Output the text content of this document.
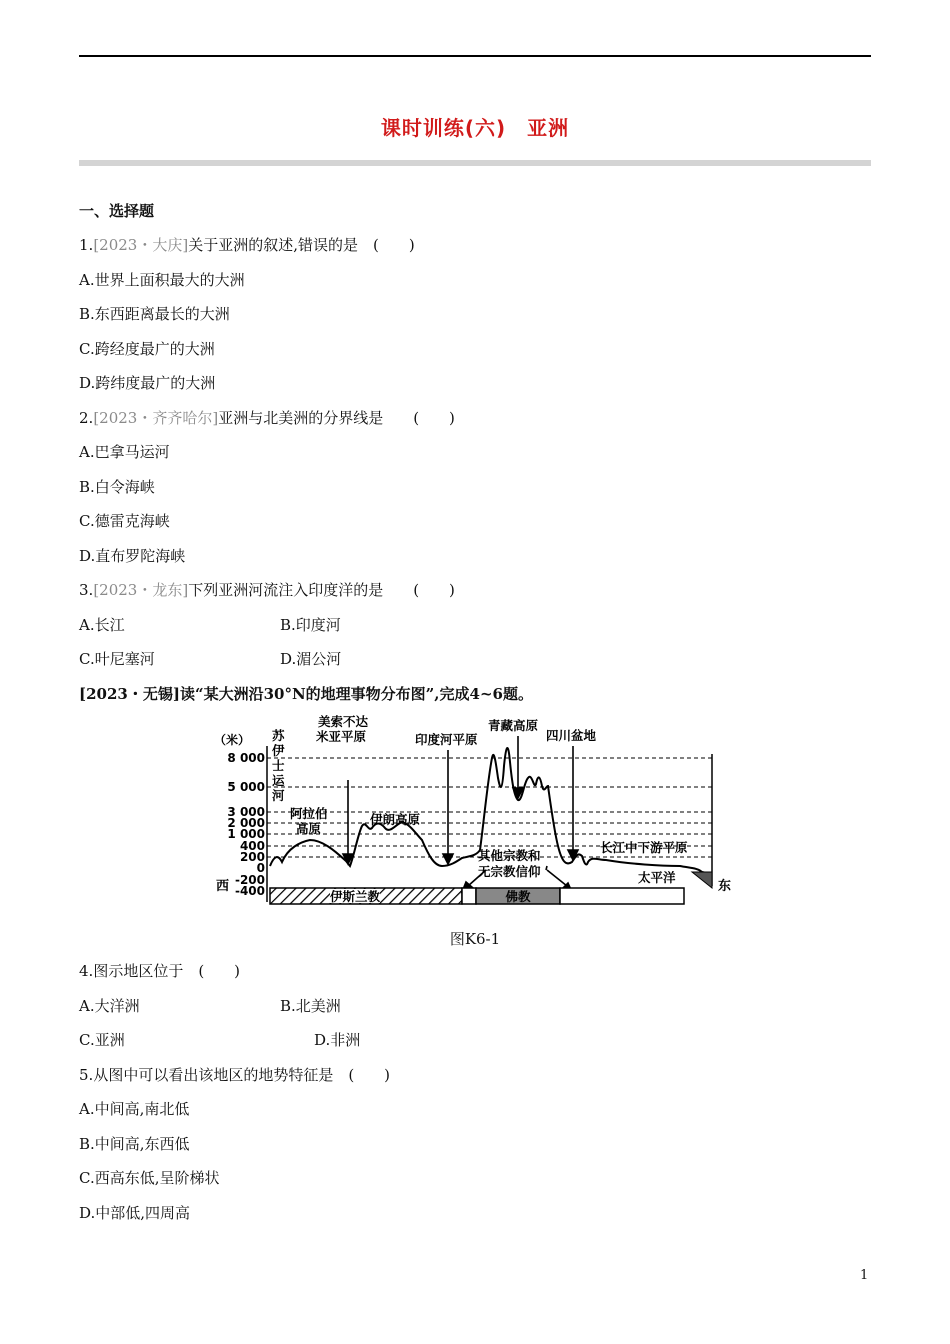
课时训练(六)　亚洲
一、选择题
1.[2023・大庆]关于亚洲的叙述,错误的是　(　　)
A.世界上面积最大的大洲
B.东西距离最长的大洲
C.跨经度最广的大洲
D.跨纬度最广的大洲
2.[2023・齐齐哈尔]亚洲与北美洲的分界线是　　(　　)
A.巴拿马运河
B.白令海峡
C.德雷克海峡
D.直布罗陀海峡
3.[2023・龙东]下列亚洲河流注入印度洋的是　　(　　)
A.长江	B.印度河
C.叶尼塞河	D.湄公河
[2023・无锡]读“某大洲沿30°N的地理事物分布图”,完成4~6题。
（米）
8 000
5 000
3 000
2 000
1 000
400
200
0
-200
-400
西	东
美索不达
米亚平原	印度河平原
青藏高原
四川盆地
阿拉伯
高原
伊朗高原
长江中下游平原
太平洋
其他宗教和
无宗教信仰
苏伊士运河
伊斯兰教	佛教
图K6-1
4.图示地区位于　(　　)
A.大洋洲	B.北美洲
C.亚洲	D.非洲
5.从图中可以看出该地区的地势特征是　(　　)
A.中间高,南北低
B.中间高,东西低
C.西高东低,呈阶梯状
D.中部低,四周高
1
